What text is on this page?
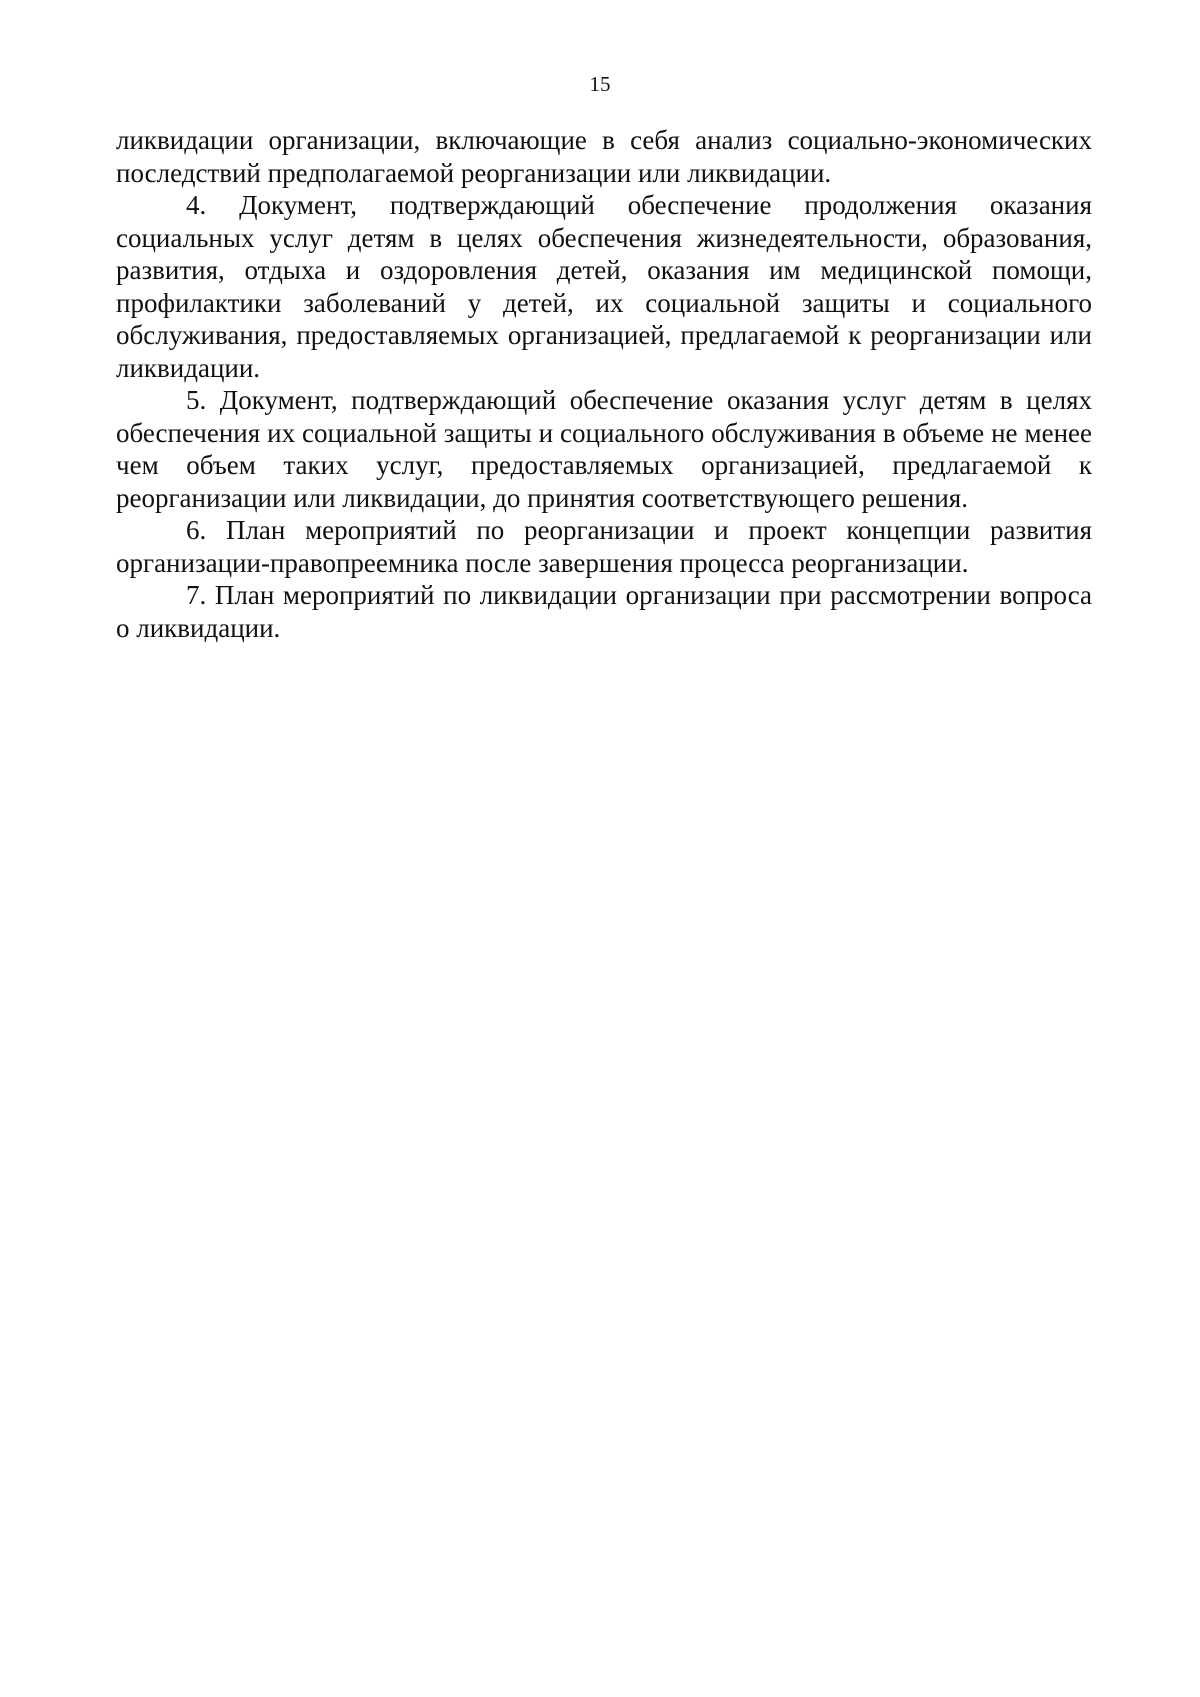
15

ликвидации организации, включающие в себя анализ социально-экономических последствий предполагаемой реорганизации или ликвидации.

4. Документ, подтверждающий обеспечение продолжения оказания социальных услуг детям в целях обеспечения жизнедеятельности, образования, развития, отдыха и оздоровления детей, оказания им медицинской помощи, профилактики заболеваний у детей, их социальной защиты и социального обслуживания, предоставляемых организацией, предлагаемой к реорганизации или ликвидации.

5. Документ, подтверждающий обеспечение оказания услуг детям в целях обеспечения их социальной защиты и социального обслуживания в объеме не менее чем объем таких услуг, предоставляемых организацией, предлагаемой к реорганизации или ликвидации, до принятия соответствующего решения.

6. План мероприятий по реорганизации и проект концепции развития организации-правопреемника после завершения процесса реорганизации.

7. План мероприятий по ликвидации организации при рассмотрении вопроса о ликвидации.
